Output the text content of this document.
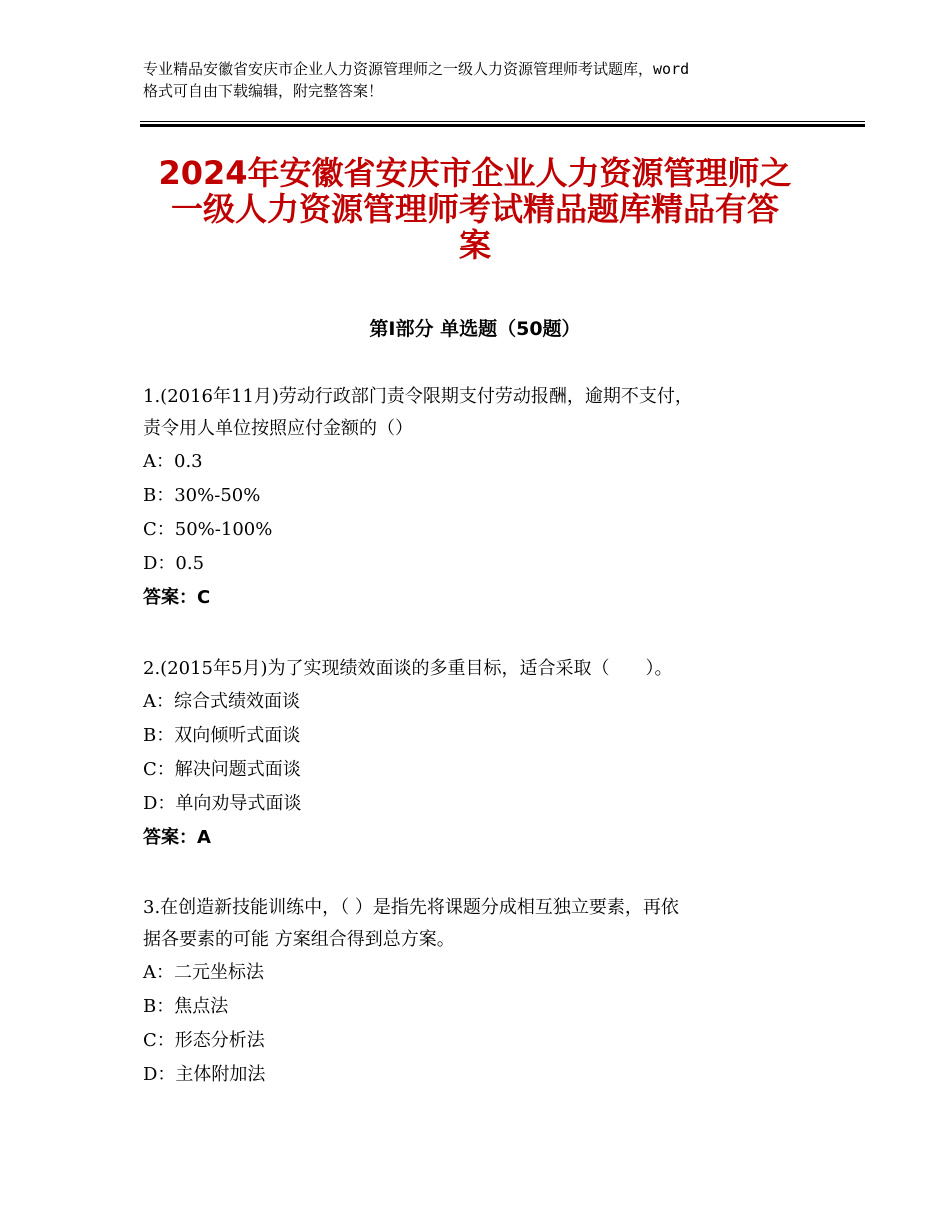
专业精品安徽省安庆市企业人力资源管理师之一级人力资源管理师考试题库，word

格式可自由下载编辑，附完整答案！

2024年安徽省安庆市企业人力资源管理师之

一级人力资源管理师考试精品题库精品有答

案

第Ⅰ部分 单选题（50题）

1.(2016年11月)劳动行政部门责令限期支付劳动报酬，逾期不支付，

责令用人单位按照应付金额的（）

A：0.3

B：30%-50%

C：50%-100%

D：0.5

答案：C

2.(2015年5月)为了实现绩效面谈的多重目标，适合采取（　　）。

A：综合式绩效面谈

B：双向倾听式面谈

C：解决问题式面谈

D：单向劝导式面谈

答案：A

3.在创造新技能训练中，（ ）是指先将课题分成相互独立要素，再依

据各要素的可能 方案组合得到总方案。

A：二元坐标法

B：焦点法

C：形态分析法

D：主体附加法
